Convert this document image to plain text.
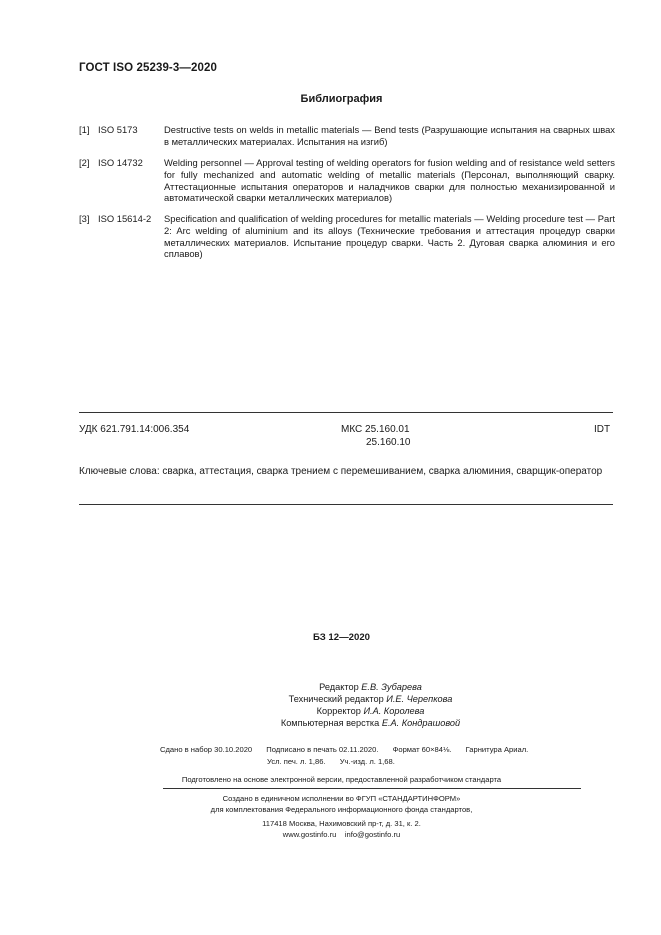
ГОСТ ISO 25239-3—2020
Библиография
[1] ISO 5173	Destructive tests on welds in metallic materials — Bend tests (Разрушающие испытания на сварных швах в металлических материалах. Испытания на изгиб)
[2] ISO 14732 Welding personnel — Approval testing of welding operators for fusion welding and of resistance weld setters for fully mechanized and automatic welding of metallic materials (Персонал, выполняющий сварку. Аттестационные испытания операторов и наладчиков сварки для полностью механизированной и автоматической сварки металлических материалов)
[3] ISO 15614-2 Specification and qualification of welding procedures for metallic materials — Welding procedure test — Part 2: Arc welding of aluminium and its alloys (Технические требования и аттестация процедур сварки металлических материалов. Испытание процедур сварки. Часть 2. Дуговая сварка алюминия и его сплавов)
УДК 621.791.14:006.354	МКС 25.160.01
25.160.10
IDT
Ключевые слова: сварка, аттестация, сварка трением с перемешиванием, сварка алюминия, сварщик-оператор
БЗ 12—2020
Редактор Е.В. Зубарева
Технический редактор И.Е. Черепкова
Корректор И.А. Королева
Компьютерная верстка Е.А. Кондрашовой
Сдано в набор 30.10.2020 Подписано в печать 02.11.2020. Формат 60×84⅛. Гарнитура Ариал.
Усл. печ. л. 1,86. Уч.-изд. л. 1,68.
Подготовлено на основе электронной версии, предоставленной разработчиком стандарта
Создано в единичном исполнении во ФГУП «СТАНДАРТИНФОРМ»
для комплектования Федерального информационного фонда стандартов,
117418 Москва, Нахимовский пр-т, д. 31, к. 2.
www.gostinfo.ru info@gostinfo.ru
